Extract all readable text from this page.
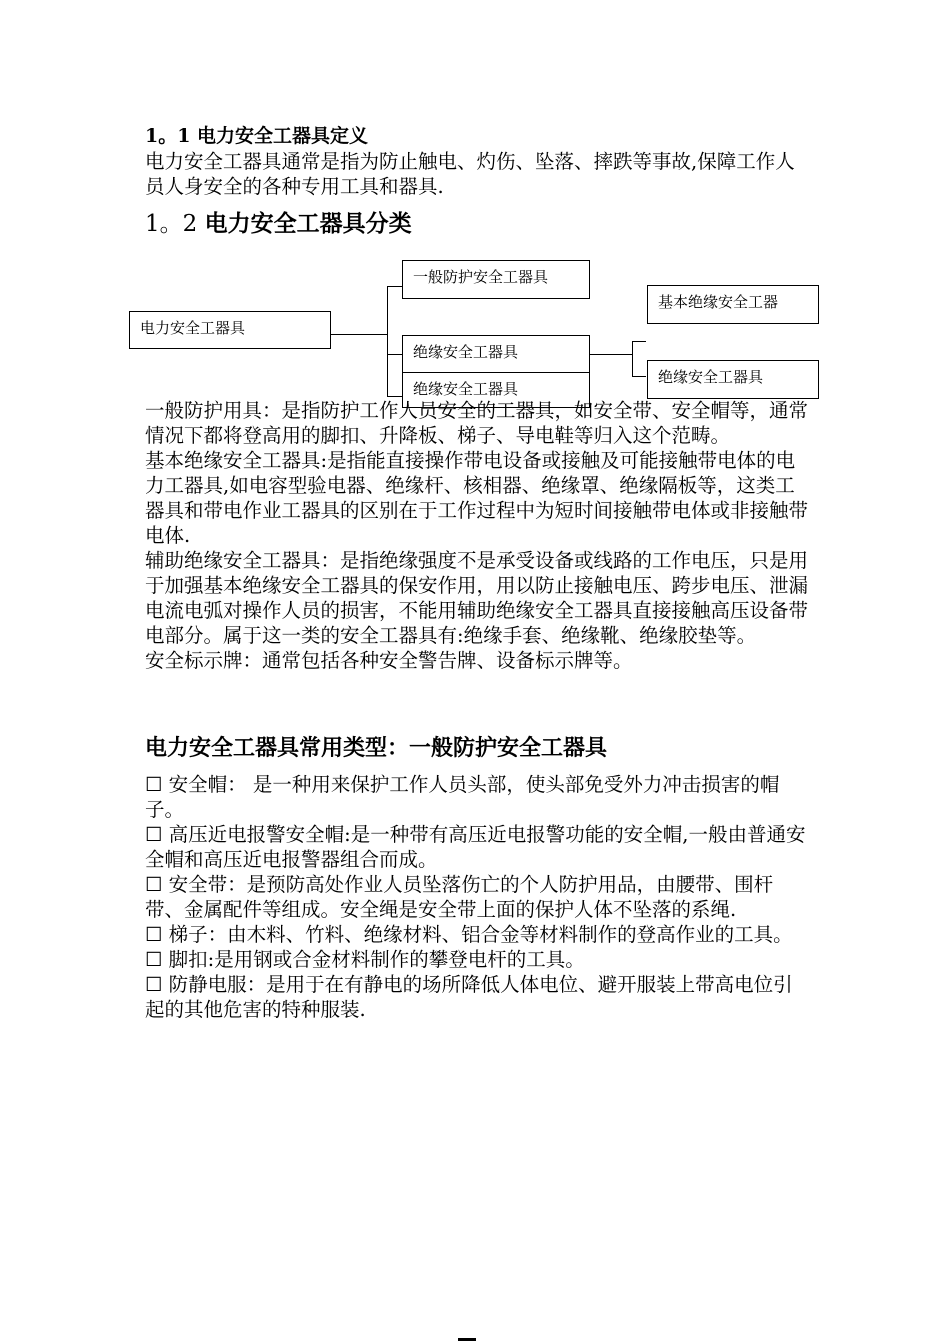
1。1 电力安全工器具定义
电力安全工器具通常是指为防止触电、灼伤、坠落、摔跌等事故,保障工作人员人身安全的各种专用工具和器具.
1。2 电力安全工器具分类
电力安全工器具
一般防护安全工器具
绝缘安全工器具
绝缘安全工器具
基本绝缘安全工器
绝缘安全工器具

一般防护用具：是指防护工作人员安全的工器具，如安全带、安全帽等，通常情况下都将登高用的脚扣、升降板、梯子、导电鞋等归入这个范畴。

基本绝缘安全工器具:是指能直接操作带电设备或接触及可能接触带电体的电力工器具,如电容型验电器、绝缘杆、核相器、绝缘罩、绝缘隔板等，这类工器具和带电作业工器具的区别在于工作过程中为短时间接触带电体或非接触带电体.

辅助绝缘安全工器具：是指绝缘强度不是承受设备或线路的工作电压，只是用于加强基本绝缘安全工器具的保安作用，用以防止接触电压、跨步电压、泄漏电流电弧对操作人员的损害，不能用辅助绝缘安全工器具直接接触高压设备带电部分。属于这一类的安全工器具有:绝缘手套、绝缘靴、绝缘胶垫等。

安全标示牌：通常包括各种安全警告牌、设备标示牌等。

电力安全工器具常用类型：一般防护安全工器具

☐ 安全帽： 是一种用来保护工作人员头部，使头部免受外力冲击损害的帽子。

☐ 高压近电报警安全帽:是一种带有高压近电报警功能的安全帽,一般由普通安全帽和高压近电报警器组合而成。

☐ 安全带：是预防高处作业人员坠落伤亡的个人防护用品，由腰带、围杆带、金属配件等组成。安全绳是安全带上面的保护人体不坠落的系绳.

☐ 梯子：由木料、竹料、绝缘材料、铝合金等材料制作的登高作业的工具。

☐ 脚扣:是用钢或合金材料制作的攀登电杆的工具。

☐ 防静电服：是用于在有静电的场所降低人体电位、避开服装上带高电位引起的其他危害的特种服装.
